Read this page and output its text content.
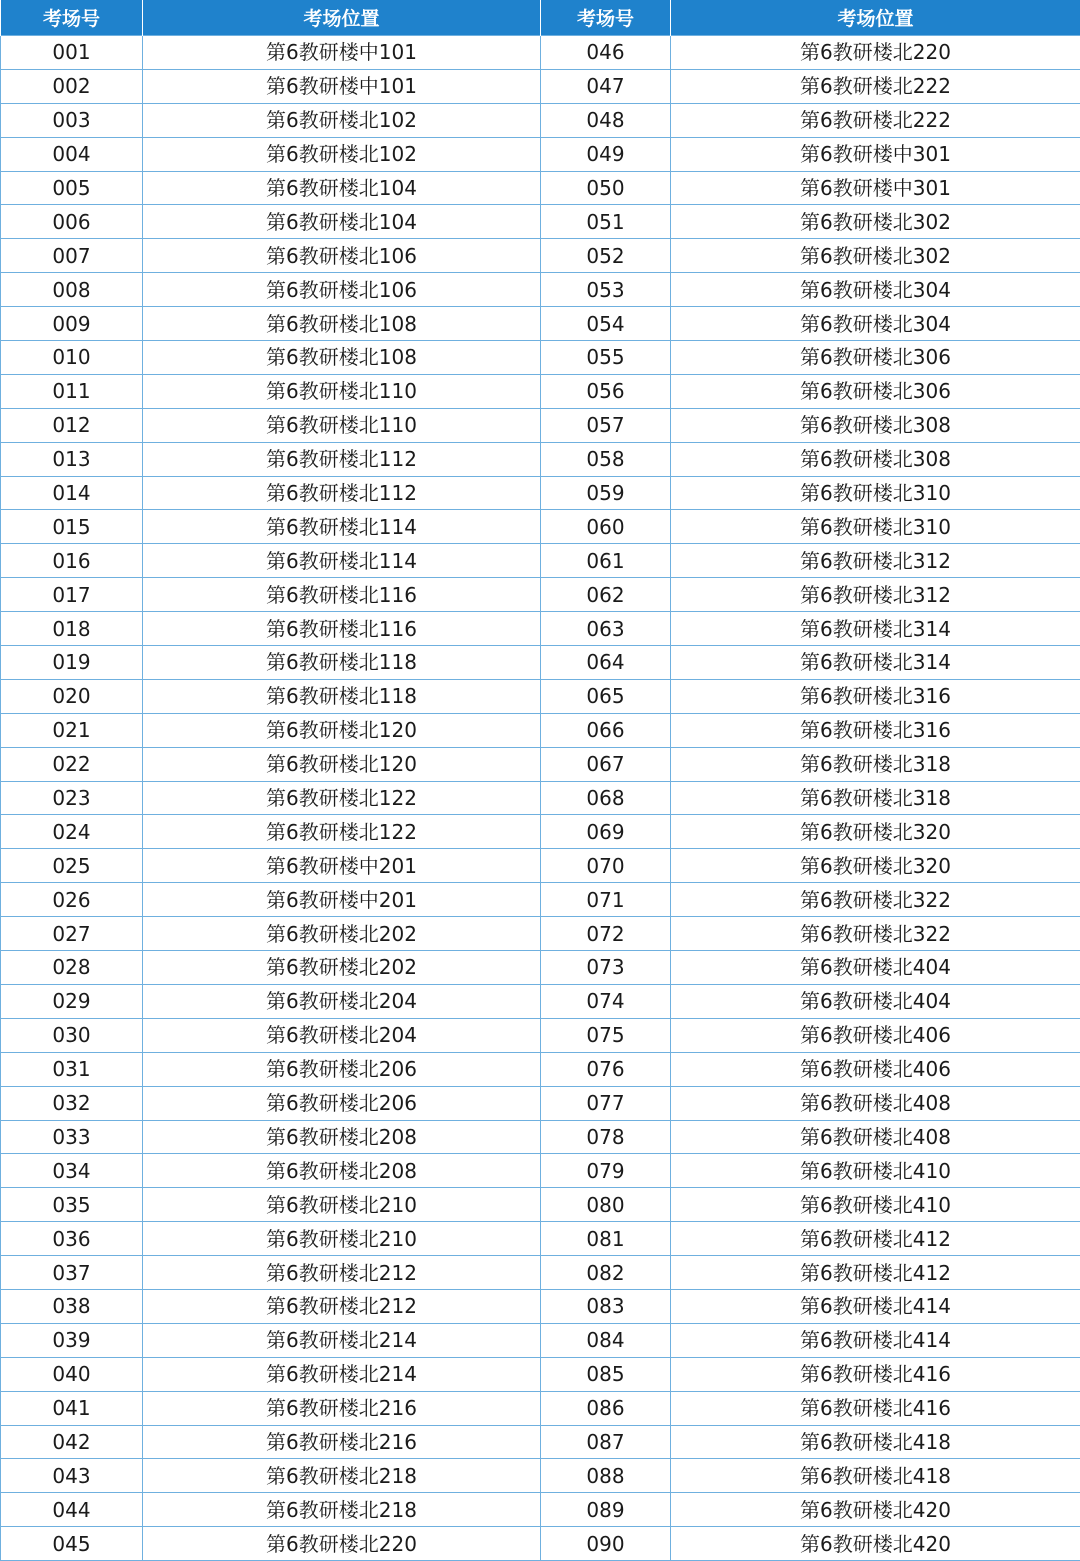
考场号	考场位置	考场号	考场位置
001	第6教研楼中101	046	第6教研楼北220
002	第6教研楼中101	047	第6教研楼北222
003	第6教研楼北102	048	第6教研楼北222
004	第6教研楼北102	049	第6教研楼中301
005	第6教研楼北104	050	第6教研楼中301
006	第6教研楼北104	051	第6教研楼北302
007	第6教研楼北106	052	第6教研楼北302
008	第6教研楼北106	053	第6教研楼北304
009	第6教研楼北108	054	第6教研楼北304
010	第6教研楼北108	055	第6教研楼北306
011	第6教研楼北110	056	第6教研楼北306
012	第6教研楼北110	057	第6教研楼北308
013	第6教研楼北112	058	第6教研楼北308
014	第6教研楼北112	059	第6教研楼北310
015	第6教研楼北114	060	第6教研楼北310
016	第6教研楼北114	061	第6教研楼北312
017	第6教研楼北116	062	第6教研楼北312
018	第6教研楼北116	063	第6教研楼北314
019	第6教研楼北118	064	第6教研楼北314
020	第6教研楼北118	065	第6教研楼北316
021	第6教研楼北120	066	第6教研楼北316
022	第6教研楼北120	067	第6教研楼北318
023	第6教研楼北122	068	第6教研楼北318
024	第6教研楼北122	069	第6教研楼北320
025	第6教研楼中201	070	第6教研楼北320
026	第6教研楼中201	071	第6教研楼北322
027	第6教研楼北202	072	第6教研楼北322
028	第6教研楼北202	073	第6教研楼北404
029	第6教研楼北204	074	第6教研楼北404
030	第6教研楼北204	075	第6教研楼北406
031	第6教研楼北206	076	第6教研楼北406
032	第6教研楼北206	077	第6教研楼北408
033	第6教研楼北208	078	第6教研楼北408
034	第6教研楼北208	079	第6教研楼北410
035	第6教研楼北210	080	第6教研楼北410
036	第6教研楼北210	081	第6教研楼北412
037	第6教研楼北212	082	第6教研楼北412
038	第6教研楼北212	083	第6教研楼北414
039	第6教研楼北214	084	第6教研楼北414
040	第6教研楼北214	085	第6教研楼北416
041	第6教研楼北216	086	第6教研楼北416
042	第6教研楼北216	087	第6教研楼北418
043	第6教研楼北218	088	第6教研楼北418
044	第6教研楼北218	089	第6教研楼北420
045	第6教研楼北220	090	第6教研楼北420
